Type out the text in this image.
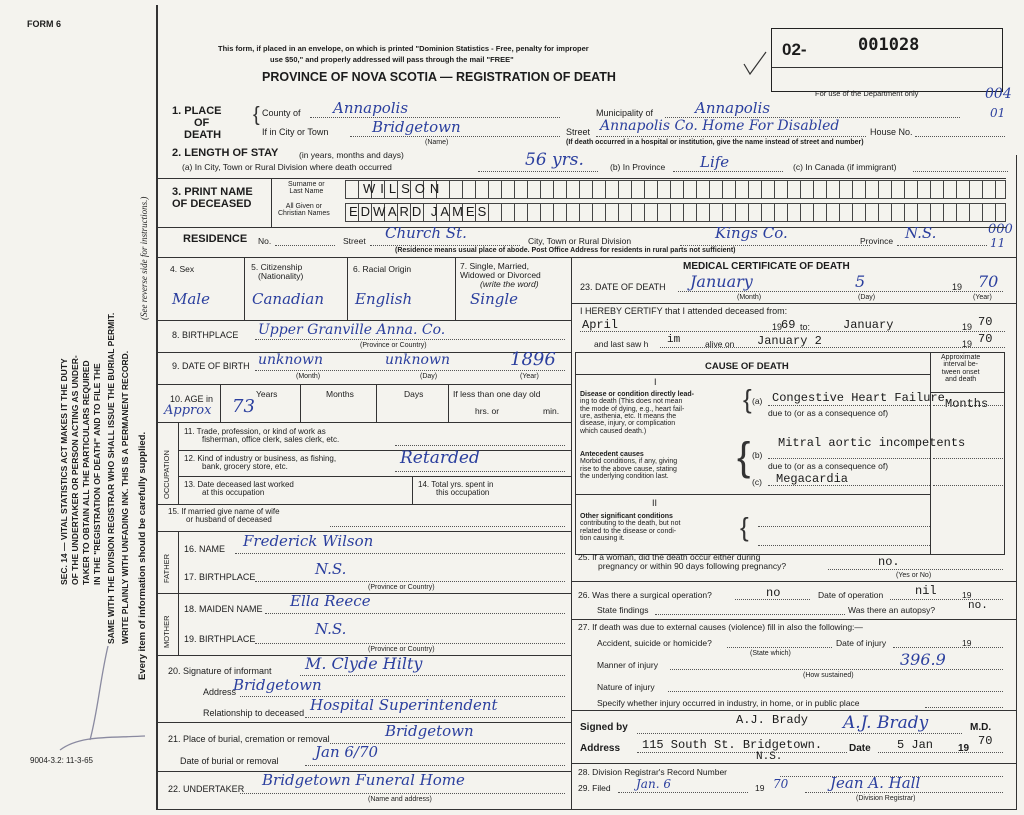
FORM 6
9004-3.2: 11-3-65
SEC. 14 — VITAL STATISTICS ACT MAKES IT THE DUTY OF THE UNDERTAKER OR PERSON ACTING AS UNDER- TAKER TO OBTAIN ALL THE PARTICULARS REQUIRED IN THE "REGISTRATION OF DEATH" AND TO FILE THE SAME WITH THE DIVISION REGISTRAR WHO SHALL ISSUE THE BURIAL PERMIT. WRITE PLAINLY WITH UNFADING INK. THIS IS A PERMANENT RECORD. Every item of information should be carefully supplied.
(See reverse side for instructions.)
This form, if placed in an envelope, on which is printed "Dominion Statistics - Free, penalty for improper
use $50," and properly addressed will pass through the mail "FREE"
PROVINCE OF NOVA SCOTIA — REGISTRATION OF DEATH
02-	001028
For use of the Department only	004
01
000
11
1. PLACE
OF
DEATH
{ County of Annapolis	Municipality of	Annapolis
If in City or Town	Bridgetown
(Name)
Street Annapolis Co. Home For Disabled	House No.
(If death occurred in a hospital or institution, give the name instead of street and number)
2. LENGTH OF STAY (in years, months and days)
(a) In City, Town or Rural Division where death occurred	56 yrs.	(b) In Province Life	(c) In Canada (if immigrant)
3. PRINT NAME
OF DECEASED
Surname or
Last Name
All Given or
Christian Names
WILSON
EDWARD JAMES
RESIDENCE No.	Street Church St.	City, Town or Rural Division	Kings Co.	Province N.S.
(Residence means usual place of abode. Post Office Address for residents in rural parts not sufficient)
4. Sex
Male
5. Citizenship
(Nationality)
Canadian
6. Racial Origin
English
7. Single, Married,
Widowed or Divorced
(write the word)
Single
8. BIRTHPLACE Upper Granville Anna. Co.
(Province or Country)
9. DATE OF BIRTH unknown	unknown	1896
(Month)	(Day)	(Year)
10. AGE in
Approx
Years
73
Months	Days	If less than one day old
hrs. or	min.
OCCUPATION
11. Trade, profession, or kind of work as
fisherman, office clerk, sales clerk, etc.
12. Kind of industry or business, as fishing,
bank, grocery store, etc.	Retarded
13. Date deceased last worked
at this occupation
14. Total yrs. spent in
this occupation
15. If married give name of wife
or husband of deceased
FATHER
16. NAME Frederick Wilson
17. BIRTHPLACE	N.S.
(Province or Country)
MOTHER
18. MAIDEN NAME Ella Reece
19. BIRTHPLACE
N.S.
(Province or Country)
20. Signature of informant M. Clyde Hilty
Address
Bridgetown
Relationship to deceased Hospital Superintendent
21. Place of burial, cremation or removal	Bridgetown
Date of burial or removal Jan 6/70
22. UNDERTAKER Bridgetown Funeral Home
(Name and address)
MEDICAL CERTIFICATE OF DEATH
23. DATE OF DEATH January	5	19 70
(Month)	(Day)	(Year)
I HEREBY CERTIFY that I attended deceased from:
April	19
69 to:	January	19 70
and last saw h im	alive on January 2	19 70
CAUSE OF DEATH
Approximate
interval be-
tween onset
and death
I
Disease or condition directly lead-
ing to death (This does not mean
the mode of dying, e.g., heart fail-
ure, asthenia, etc. It means the
disease, injury, or complication
which caused death.)
{ (a) Congestive Heart Failure Months
due to (or as a consequence of)
Antecedent causes
Morbid conditions, if any, giving
rise to the above cause, stating
the underlying condition last. { Mitral aortic incompetents
(b)
due to (or as a consequence of)
(c) Megacardia
II
Other significant conditions
contributing to the death, but not
related to the disease or condi-
tion causing it.	{
25. If a woman, did the death occur either during
pregnancy or within 90 days following pregnancy?	no.
(Yes or No)
26. Was there a surgical operation?	no	Date of operation	nil	19
State findings	Was there an autopsy?	no.
27. If death was due to external causes (violence) fill in also the following:—
Accident, suicide or homicide?
(State which)
Date of injury	19
Manner of injury	396.9
(How sustained)
Nature of injury
Specify whether injury occurred in industry, in home, or in public place
Signed by
A.J. Brady A.J. Brady	M.D.
Address 115 South St. Bridgetown.
N.S.
Date 5 Jan 19
70
28. Division Registrar's Record Number
29. Filed Jan. 6	19 70	Jean A. Hall
(Division Registrar)
